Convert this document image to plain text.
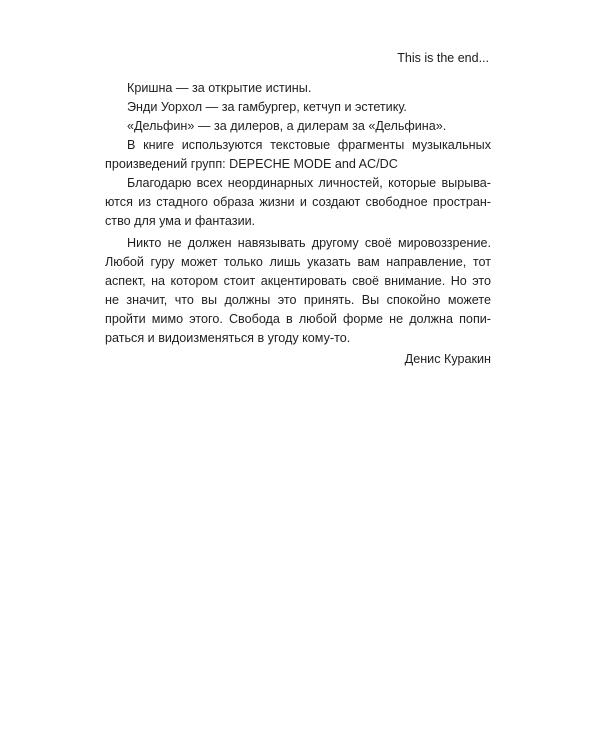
This is the end...

Кришна — за открытие истины.

Энди Уорхол — за гамбургер, кетчуп и эстетику.

«Дельфин» — за дилеров, а дилерам за «Дельфина».

В книге используются текстовые фрагменты музыкальных
произведений групп: DEPECHE MODE and AC/DC

Благодарю всех неординарных личностей, которые вырыва-
ются из стадного образа жизни и создают свободное простран-
ство для ума и фантазии.

Никто не должен навязывать другому своё мировоззрение.
Любой гуру может только лишь указать вам направление, тот
аспект, на котором стоит акцентировать своё внимание. Но это
не значит, что вы должны это принять. Вы спокойно можете
пройти мимо этого. Свобода в любой форме не должна попи-
раться и видоизменяться в угоду кому-то.

Денис Куракин
